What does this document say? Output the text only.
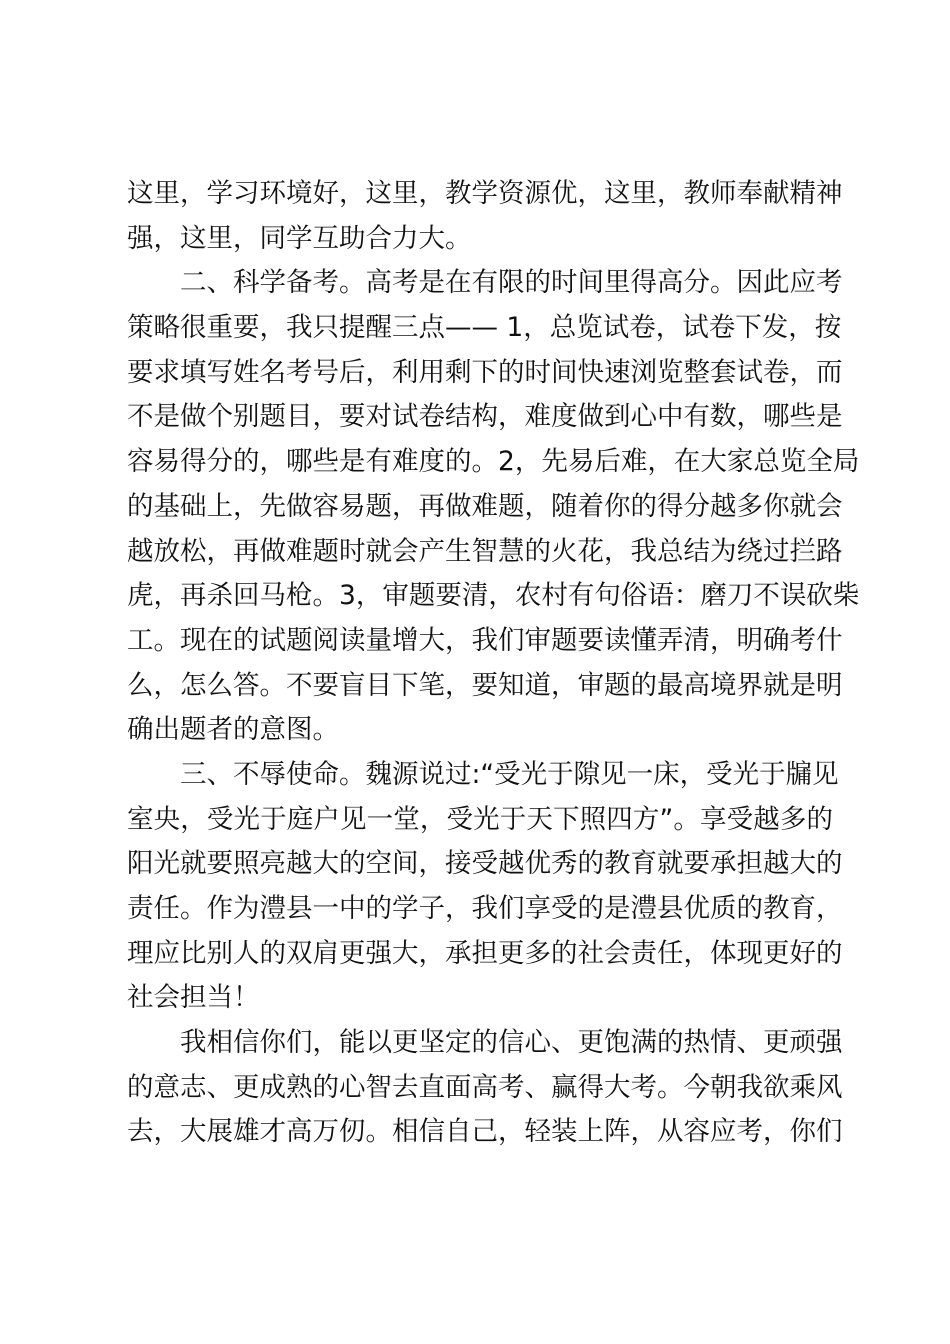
这里，学习环境好，这里，教学资源优，这里，教师奉献精神
强，这里，同学互助合力大。
二、科学备考。高考是在有限的时间里得高分。因此应考
策略很重要，我只提醒三点—— 1，总览试卷，试卷下发，按
要求填写姓名考号后，利用剩下的时间快速浏览整套试卷，而
不是做个别题目，要对试卷结构，难度做到心中有数，哪些是
容易得分的，哪些是有难度的。2，先易后难，在大家总览全局
的基础上，先做容易题，再做难题，随着你的得分越多你就会
越放松，再做难题时就会产生智慧的火花，我总结为绕过拦路
虎，再杀回马枪。3，审题要清，农村有句俗语：磨刀不误砍柴
工。现在的试题阅读量增大，我们审题要读懂弄清，明确考什
么，怎么答。不要盲目下笔，要知道，审题的最高境界就是明
确出题者的意图。
三、不辱使命。魏源说过:“受光于隙见一床，受光于牖见
室央，受光于庭户见一堂，受光于天下照四方”。享受越多的
阳光就要照亮越大的空间，接受越优秀的教育就要承担越大的
责任。作为澧县一中的学子，我们享受的是澧县优质的教育，
理应比别人的双肩更强大，承担更多的社会责任，体现更好的
社会担当！
我相信你们，能以更坚定的信心、更饱满的热情、更顽强
的意志、更成熟的心智去直面高考、赢得大考。今朝我欲乘风
去，大展雄才高万仞。相信自己，轻装上阵，从容应考，你们
